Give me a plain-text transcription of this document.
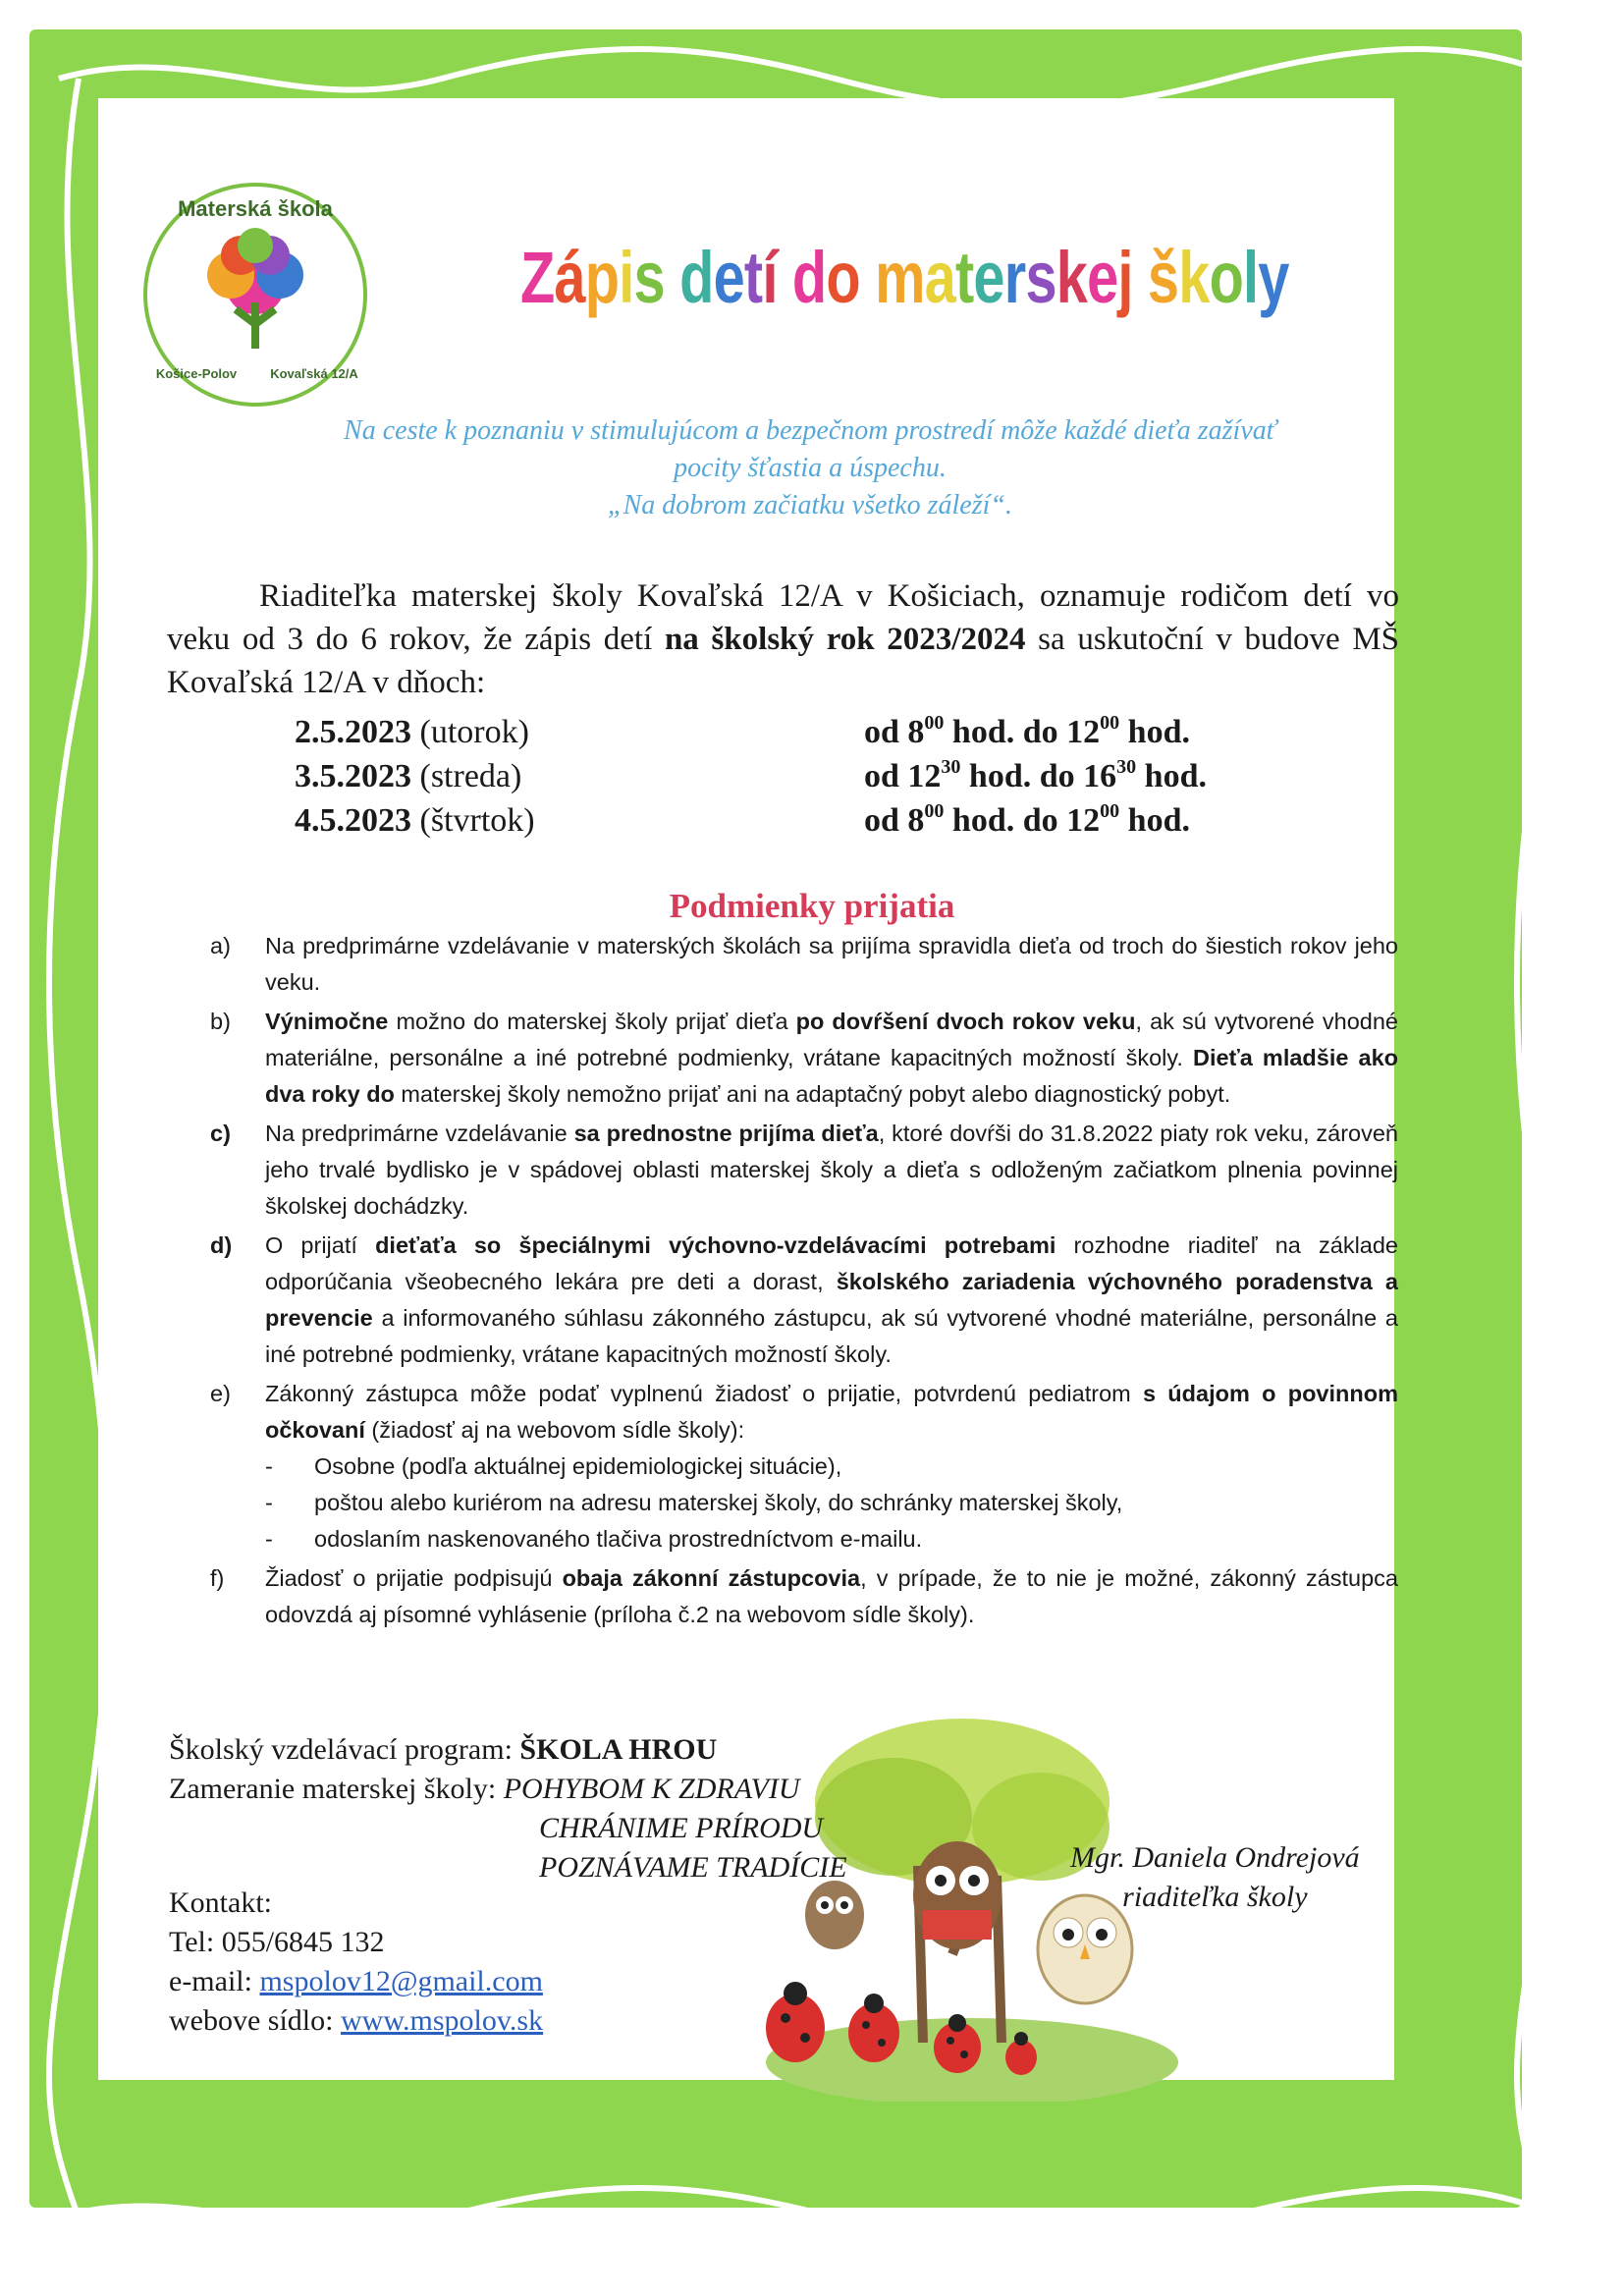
Materská škola
Košice-Polov	Kovaľská 12/A
Zápis detí do materskej školy
Na ceste k poznaniu v stimulujúcom a bezpečnom prostredí môže každé dieťa zažívať
pocity šťastia a úspechu.
„Na dobrom začiatku všetko záleží“.
Riaditeľka materskej školy Kovaľská 12/A v Košiciach, oznamuje rodičom detí vo veku od 3 do 6 rokov, že zápis detí na školský rok 2023/2024 sa uskutoční v budove MŠ Kovaľská 12/A v dňoch:
2.5.2023 (utorok)	od $8^{00}$ hod. do $12^{00}$ hod.
3.5.2023 (streda)	od $12^{30}$ hod. do $16^{30}$ hod.
4.5.2023 (štvrtok)	od $8^{00}$ hod. do $12^{00}$ hod.
Podmienky prijatia
a)	Na predprimárne vzdelávanie v materských školách sa prijíma spravidla dieťa od troch do šiestich rokov jeho veku.
b)	Výnimočne možno do materskej školy prijať dieťa po dovŕšení dvoch rokov veku, ak sú vytvorené vhodné materiálne, personálne a iné potrebné podmienky, vrátane kapacitných možností školy. Dieťa mladšie ako dva roky do materskej školy nemožno prijať ani na adaptačný pobyt alebo diagnostický pobyt.
c)	Na predprimárne vzdelávanie sa prednostne prijíma dieťa, ktoré dovŕši do 31.8.2022 piaty rok veku, zároveň jeho trvalé bydlisko je v spádovej oblasti materskej školy a dieťa s odloženým začiatkom plnenia povinnej školskej dochádzky.
d)	O prijatí dieťaťa so špeciálnymi výchovno-vzdelávacími potrebami rozhodne riaditeľ na základe odporúčania všeobecného lekára pre deti a dorast, školského zariadenia výchovného poradenstva a prevencie a informovaného súhlasu zákonného zástupcu, ak sú vytvorené vhodné materiálne, personálne a iné potrebné podmienky, vrátane kapacitných možností školy.
e)	Zákonný zástupca môže podať vyplnenú žiadosť o prijatie, potvrdenú pediatrom s údajom o povinnom očkovaní (žiadosť aj na webovom sídle školy):

-	Osobne (podľa aktuálnej epidemiologickej situácie),
-	poštou alebo kuriérom na adresu materskej školy, do schránky materskej školy,
-	odoslaním naskenovaného tlačiva prostredníctvom e-mailu.
f)	Žiadosť o prijatie podpisujú obaja zákonní zástupcovia, v prípade, že to nie je možné, zákonný zástupca odovzdá aj písomné vyhlásenie (príloha č.2 na webovom sídle školy).
Školský vzdelávací program: ŠKOLA HROU
Zameranie materskej školy: POHYBOM K ZDRAVIU
CHRÁNIME PRÍRODU
POZNÁVAME TRADÍCIE	Mgr. Daniela Ondrejová
riaditeľka školy
Kontakt:
Tel: 055/6845 132
e-mail: mspolov12@gmail.com
webove sídlo: www.mspolov.sk
